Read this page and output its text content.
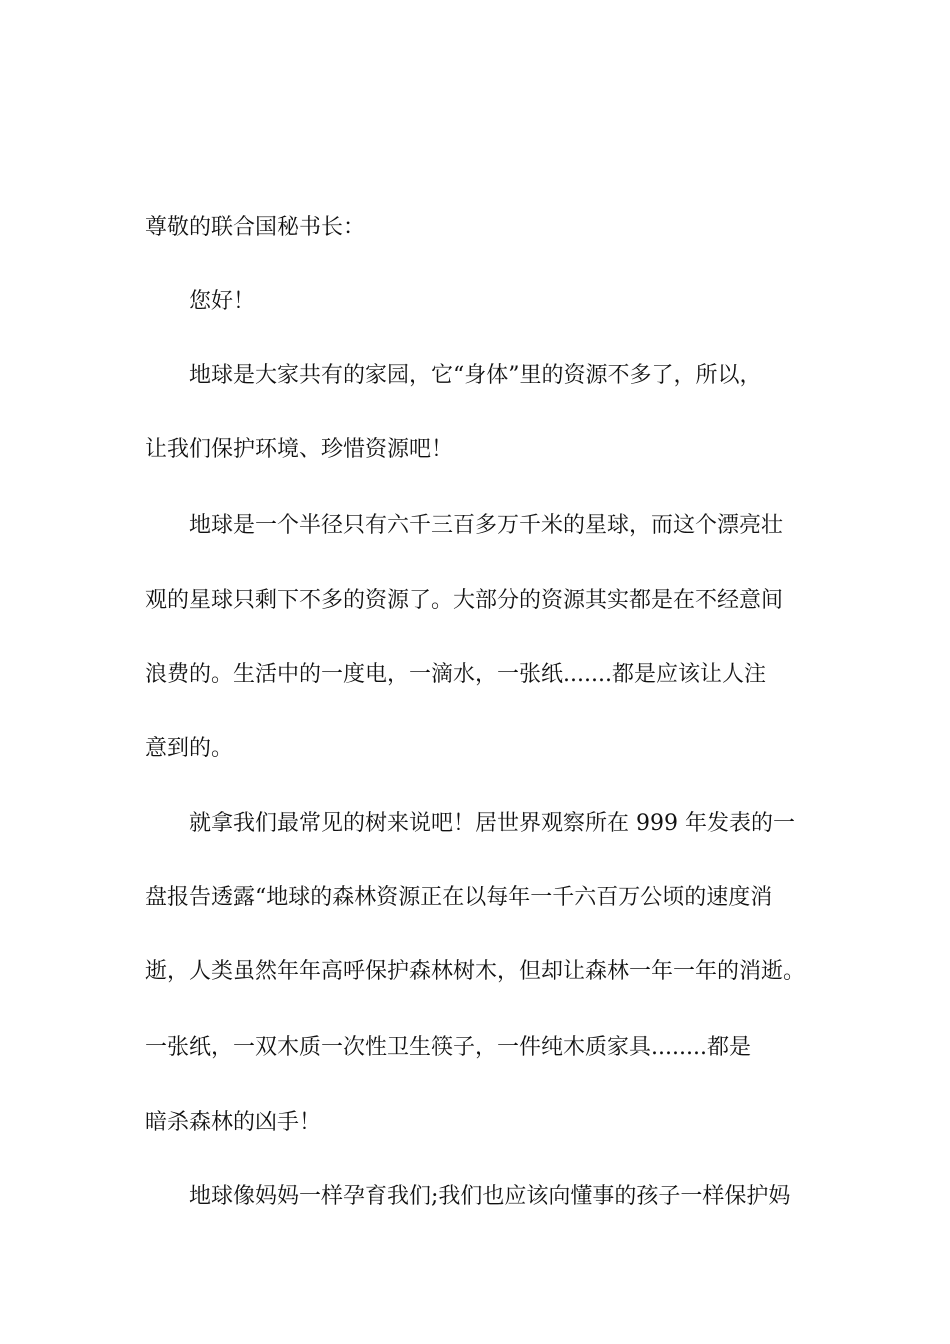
尊敬的联合国秘书长：
您好！
地球是大家共有的家园，它“身体”里的资源不多了，所以，
让我们保护环境、珍惜资源吧！
地球是一个半径只有六千三百多万千米的星球，而这个漂亮壮
观的星球只剩下不多的资源了。大部分的资源其实都是在不经意间
浪费的。生活中的一度电，一滴水，一张纸.......都是应该让人注
意到的。
就拿我们最常见的树来说吧！居世界观察所在 999 年发表的一
盘报告透露“地球的森林资源正在以每年一千六百万公顷的速度消
逝，人类虽然年年高呼保护森林树木，但却让森林一年一年的消逝。
一张纸，一双木质一次性卫生筷子，一件纯木质家具........都是
暗杀森林的凶手！
地球像妈妈一样孕育我们;我们也应该向懂事的孩子一样保护妈
